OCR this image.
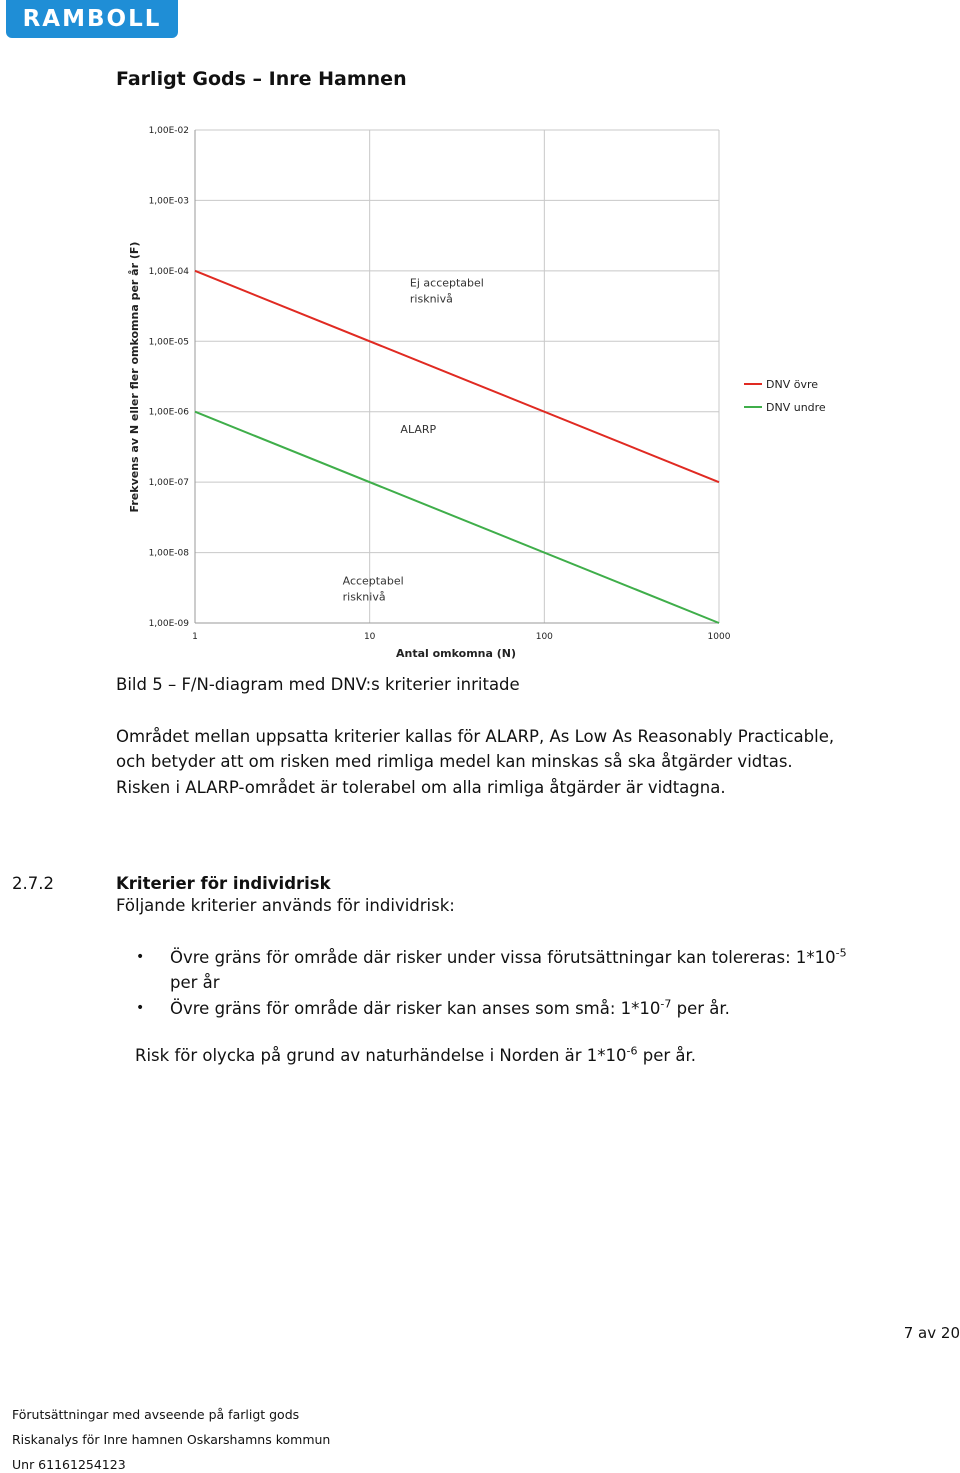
RAMBOLL
Farligt Gods – Inre Hamnen
1,00E-02
1,00E-03
1,00E-04
1,00E-05
1,00E-06
1,00E-07
1,00E-08
1,00E-09
1	10	100	1000
Ej acceptabel risknivå
ALARP
Acceptabel risknivå
DNV övre
DNV undre
Antal omkomna (N)
Frekvens av N eller fler omkomna per år (F)
Bild 5 – F/N-diagram med DNV:s kriterier inritade

Området mellan uppsatta kriterier kallas för ALARP, As Low As Reasonably Practicable, och betyder att om risken med rimliga medel kan minskas så ska åtgärder vidtas. Risken i ALARP-området är tolerabel om alla rimliga åtgärder är vidtagna.

2.7.2	Kriterier för individrisk
Följande kriterier används för individrisk:
• Övre gräns för område där risker under vissa förutsättningar kan tolereras: $1*10^{-5}$ per år
• Övre gräns för område där risker kan anses som små: $1*10^{-7}$ per år.
Risk för olycka på grund av naturhändelse i Norden är $1*10^{-6}$ per år.
7 av 20
Förutsättningar med avseende på farligt gods
Riskanalys för Inre hamnen Oskarshamns kommun
Unr 61161254123
